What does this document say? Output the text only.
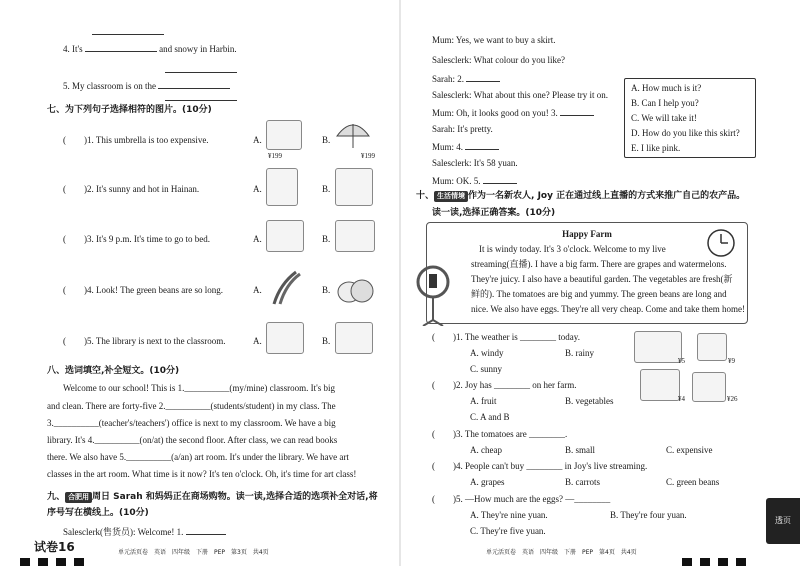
4. It's	and snowy in Harbin.
5. My classroom is on the
七、为下列句子选择相符的图片。(10分)
(　　)1. This umbrella is too expensive.	A.
¥199
B.
¥199
(　　)2. It's sunny and hot in Hainan.	A.	B.
(　　)3. It's 9 p.m. It's time to go to bed.	A.	B.
(　　)4. Look! The green beans are so long.	A.	B.
(　　)5. The library is next to the classroom.	A.	B.
八、选词填空,补全短文。(10分)
Welcome to our school! This is 1.__________(my/mine) classroom. It's big
and clean. There are forty-five 2.__________(students/student) in my class. The
3.__________(teacher's/teachers') office is next to my classroom. We have a big
library. It's 4.__________(on/at) the second floor. After class, we can read books
there. We also have 5.__________(a/an) art room. It's under the library. We have art
classes in the art room. What time is it now? It's ten o'clock. Oh, it's time for art class!
九、 合肥用 周日 Sarah 和妈妈正在商场购物。读一读,选择合适的选项补全对话,将
序号写在横线上。(10分)
Salesclerk(售货员): Welcome! 1.
试卷16	单元活页卷　英语　四年级　下册　PEP　第3页　共4页
Mum: Yes, we want to buy a skirt.
Salesclerk: What colour do you like?
Sarah: 2.
Salesclerk: What about this one? Please try it on.
Mum: Oh, it looks good on you! 3.
Sarah: It's pretty.
Mum: 4.
Salesclerk: It's 58 yuan.
Mum: OK. 5.
A. How much is it?
B. Can I help you?
C. We will take it!
D. How do you like this skirt?
E. I like pink.
十、 生活情境 作为一名新农人, Joy 正在通过线上直播的方式来推广自己的农产品。
读一读,选择正确答案。(10分)
Happy Farm
It is windy today. It's 3 o'clock. Welcome to my live
streaming(直播). I have a big farm. There are grapes and watermelons.
They're juicy. I also have a beautiful garden. The vegetables are fresh(新
鲜的). The tomatoes are big and yummy. The green beans are long and
nice. We also have eggs. They're all very cheap. Come and take them home!
(　　)1. The weather is ________ today.
A. windy	B. rainy
C. sunny
(　　)2. Joy has ________ on her farm.
A. fruit	B. vegetables
C. A and B
(　　)3. The tomatoes are ________.
A. cheap	B. small	C. expensive
(　　)4. People can't buy ________ in Joy's live streaming.
A. grapes	B. carrots	C. green beans
(　　)5. —How much are the eggs? —________
A. They're nine yuan.	B. They're four yuan.
C. They're five yuan.
¥5	¥9
¥4	¥26
单元活页卷　英语　四年级　下册　PEP　第4页　共4页
透页
